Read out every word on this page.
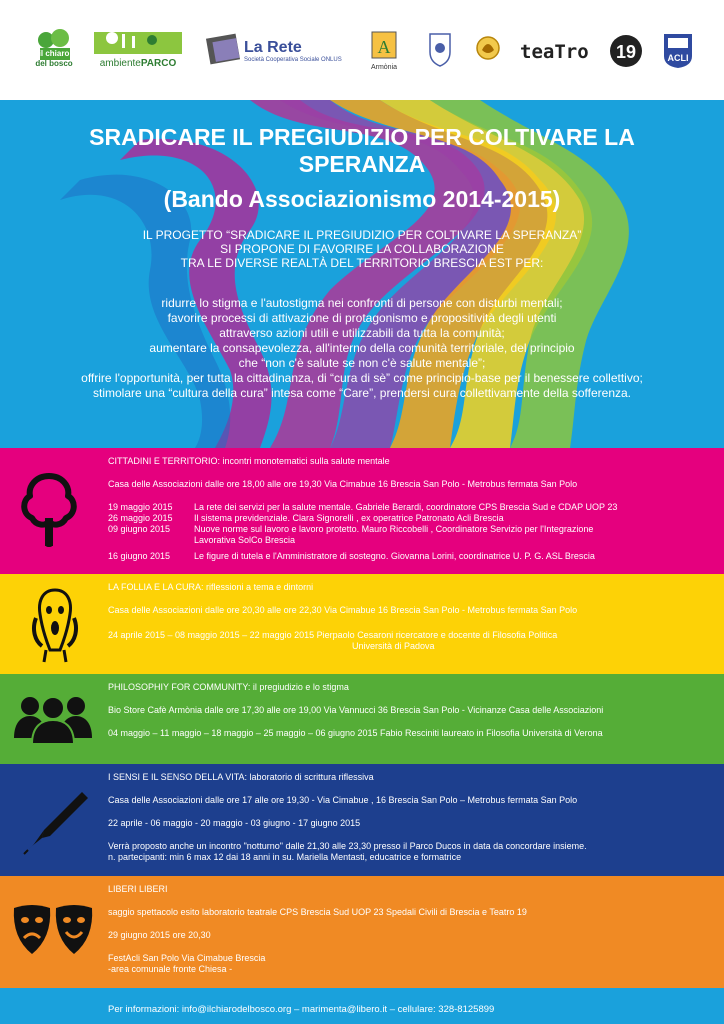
del bosco
il chiaro
ambientePARCO
La Rete
Società Cooperativa Sociale ONLUS
A
Armònia
teaTro 19	ACLI
SRADICARE IL PREGIUDIZIO PER COLTIVARE LA
SPERANZA
(Bando Associazionismo 2014-2015)
IL PROGETTO “SRADICARE IL PREGIUDIZIO PER COLTIVARE LA SPERANZA”
SI PROPONE DI FAVORIRE LA COLLABORAZIONE
TRA LE DIVERSE REALTÀ DEL TERRITORIO BRESCIA EST PER:
ridurre lo stigma e l'autostigma nei confronti di persone con disturbi mentali;
favorire processi di attivazione di protagonismo e propositività degli utenti
attraverso azioni utili e utilizzabili da tutta la comunità;
aumentare la consapevolezza, all'interno della comunità territoriale, del principio
che “non c'è salute se non c'è salute mentale”;
offrire l'opportunità, per tutta la cittadinanza, di “cura di sè” come principio-base per il benessere collettivo;
stimolare una “cultura della cura” intesa come “Care”, prendersi cura collettivamente della sofferenza.
CITTADINI E TERRITORIO: incontri monotematici sulla salute mentale
Casa delle Associazioni dalle ore 18,00 alle ore 19,30 Via Cimabue 16 Brescia San Polo - Metrobus fermata San Polo
19 maggio 2015	La rete dei servizi per la salute mentale. Gabriele Berardi, coordinatore CPS Brescia Sud e CDAP UOP 23
26 maggio 2015	Il sistema previdenziale. Clara Signorelli , ex operatrice Patronato Acli Brescia
09 giugno 2015	Nuove norme sul lavoro e lavoro protetto. Mauro Riccobelli , Coordinatore Servizio per l'Integrazione
Lavorativa SolCo Brescia
16 giugno 2015	Le figure di tutela e l'Amministratore di sostegno. Giovanna Lorini, coordinatrice U. P. G. ASL Brescia
LA FOLLIA E LA CURA: riflessioni a tema e dintorni
Casa delle Associazioni dalle ore 20,30 alle ore 22,30 Via Cimabue 16 Brescia San Polo - Metrobus fermata San Polo
24 aprile 2015 – 08 maggio 2015 – 22 maggio 2015 Pierpaolo Cesaroni ricercatore e docente di Filosofia Politica
Università di Padova
PHILOSOPHIY FOR COMMUNITY: il pregiudizio e lo stigma
Bio Store Cafè Armònia dalle ore 17,30 alle ore 19,00 Via Vannucci 36 Brescia San Polo - Vicinanze Casa delle Associazioni
04 maggio – 11 maggio – 18 maggio – 25 maggio – 06 giugno 2015 Fabio Resciniti laureato in Filosofia Università di Verona
I SENSI E IL SENSO DELLA VITA: laboratorio di scrittura riflessiva
Casa delle Associazioni dalle ore 17 alle ore 19,30 - Via Cimabue , 16 Brescia San Polo – Metrobus fermata San Polo
22 aprile - 06 maggio - 20 maggio - 03 giugno - 17 giugno 2015
Verrà proposto anche un incontro "notturno" dalle 21,30 alle 23,30 presso il Parco Ducos in data da concordare insieme.
n. partecipanti: min 6 max 12 dai 18 anni in su. Mariella Mentasti, educatrice e formatrice
LIBERI LIBERI
saggio spettacolo esito laboratorio teatrale CPS Brescia Sud UOP 23 Spedali Civili di Brescia e Teatro 19
29 giugno 2015 ore 20,30
FestAcli San Polo Via Cimabue Brescia
-area comunale fronte Chiesa -
Per informazioni: info@ilchiarodelbosco.org – marimenta@libero.it – cellulare: 328-8125899
